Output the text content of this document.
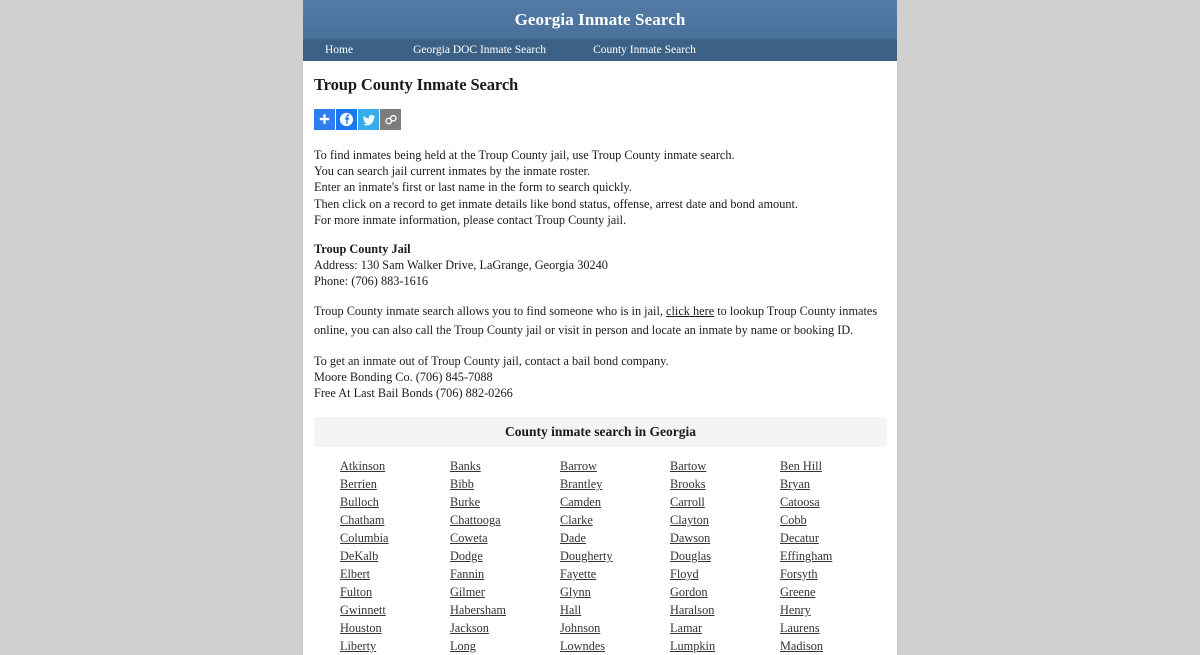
Georgia Inmate Search
Home	Georgia DOC Inmate Search	County Inmate Search
Troup County Inmate Search
To find inmates being held at the Troup County jail, use Troup County inmate search.
You can search jail current inmates by the inmate roster.
Enter an inmate's first or last name in the form to search quickly.
Then click on a record to get inmate details like bond status, offense, arrest date and bond amount.
For more inmate information, please contact Troup County jail.
Troup County Jail
Address: 130 Sam Walker Drive, LaGrange, Georgia 30240
Phone: (706) 883-1616
Troup County inmate search allows you to find someone who is in jail, click here to lookup Troup County inmates online, you can also call the Troup County jail or visit in person and locate an inmate by name or booking ID.
To get an inmate out of Troup County jail, contact a bail bond company.
Moore Bonding Co. (706) 845-7088
Free At Last Bail Bonds (706) 882-0266
County inmate search in Georgia
Atkinson	Banks	Barrow	Bartow	Ben Hill
Berrien	Bibb	Brantley	Brooks	Bryan
Bulloch	Burke	Camden	Carroll	Catoosa
Chatham	Chattooga	Clarke	Clayton	Cobb
Columbia	Coweta	Dade	Dawson	Decatur
DeKalb	Dodge	Dougherty	Douglas	Effingham
Elbert	Fannin	Fayette	Floyd	Forsyth
Fulton	Gilmer	Glynn	Gordon	Greene
Gwinnett	Habersham	Hall	Haralson	Henry
Houston	Jackson	Johnson	Lamar	Laurens
Liberty	Long	Lowndes	Lumpkin	Madison
